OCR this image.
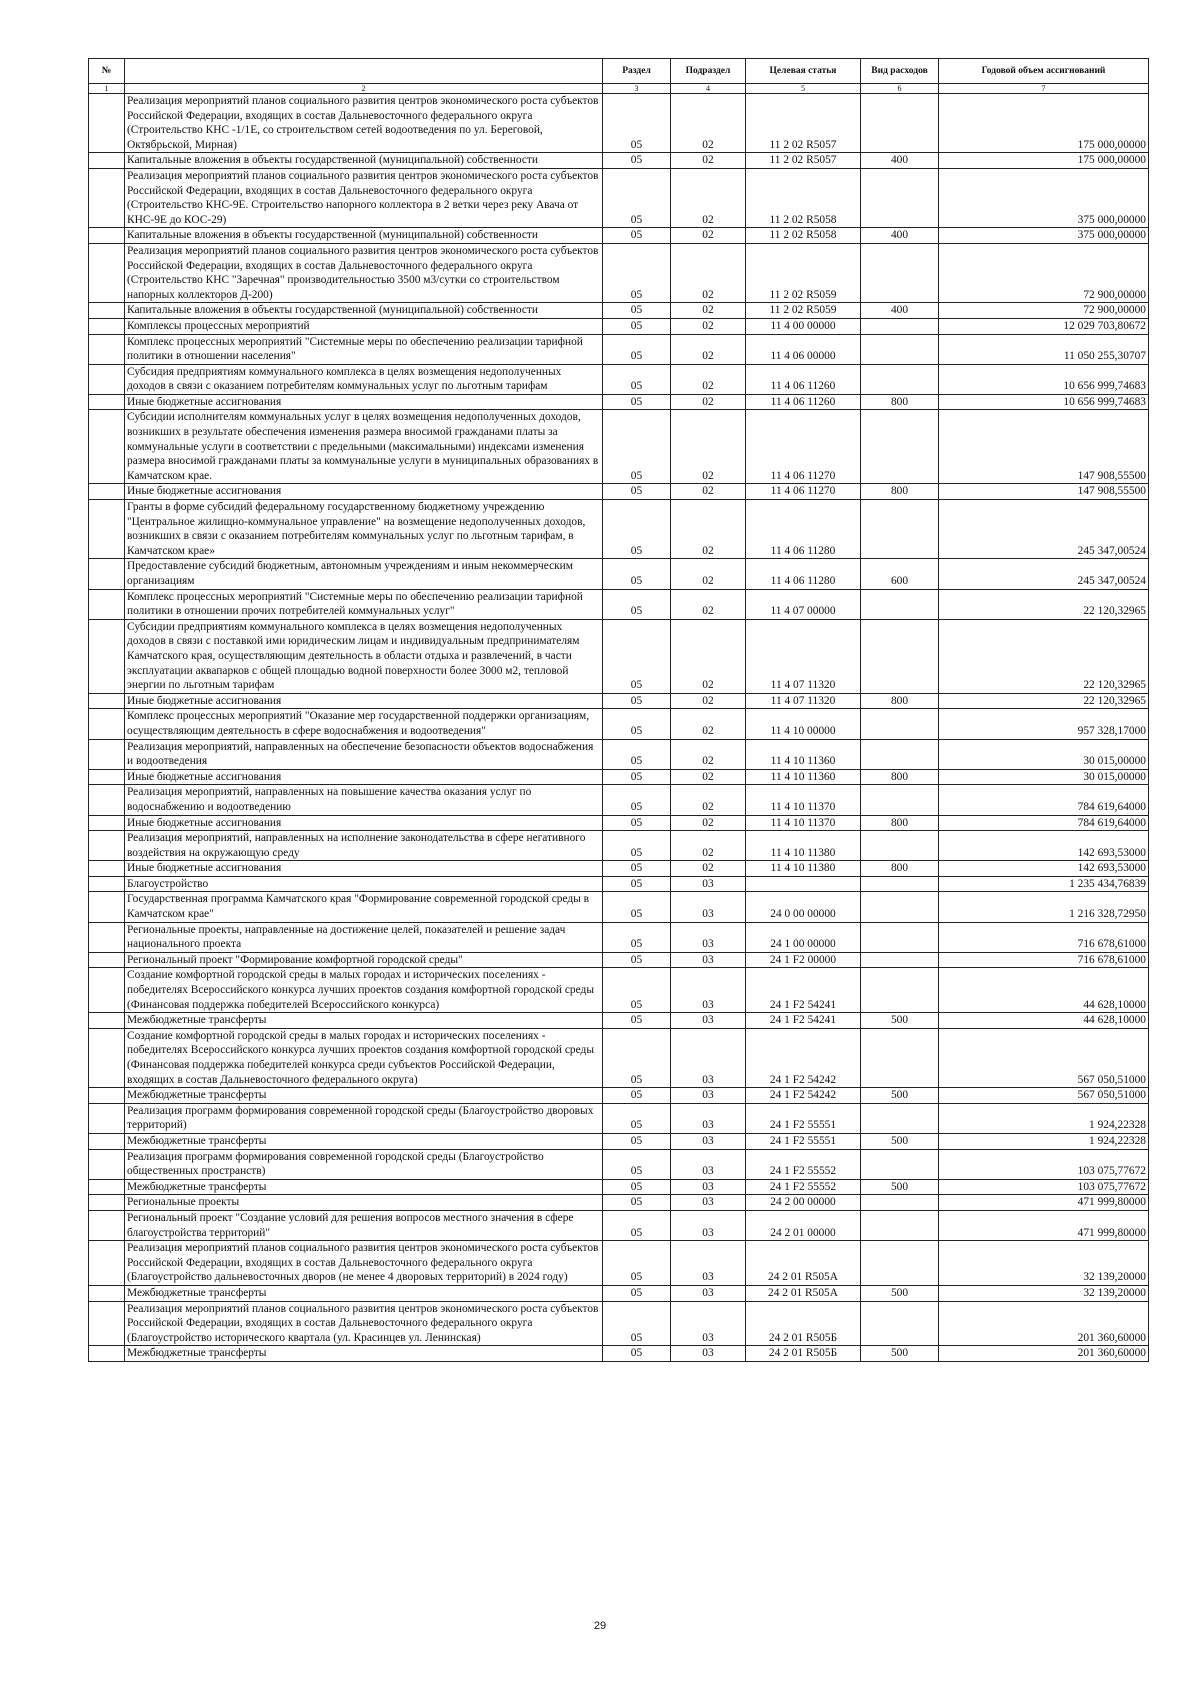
№		Раздел	Подраздел	Целевая статья	Вид расходов	Годовой объем ассигнований
1	2	3	4	5	6	7
	Реализация мероприятий планов социального развития центров экономического роста субъектов Российской Федерации, входящих в состав Дальневосточного федерального округа (Строительство КНС -1/1Е, со строительством сетей водоотведения по ул. Береговой, Октябрьской, Мирная)	05	02	11 2 02 R5057		175 000,00000
	Капитальные вложения в объекты государственной (муниципальной) собственности	05	02	11 2 02 R5057	400	175 000,00000
	Реализация мероприятий планов социального развития центров экономического роста субъектов Российской Федерации, входящих в состав Дальневосточного федерального округа (Строительство КНС-9Е. Строительство напорного коллектора в 2 ветки через реку Авача от КНС-9Е до КОС-29)	05	02	11 2 02 R5058		375 000,00000
	Капитальные вложения в объекты государственной (муниципальной) собственности	05	02	11 2 02 R5058	400	375 000,00000
	Реализация мероприятий планов социального развития центров экономического роста субъектов Российской Федерации, входящих в состав Дальневосточного федерального округа (Строительство КНС "Заречная" производительностью 3500 м3/сутки со строительством напорных коллекторов Д-200)	05	02	11 2 02 R5059		72 900,00000
	Капитальные вложения в объекты государственной (муниципальной) собственности	05	02	11 2 02 R5059	400	72 900,00000
	Комплексы процессных мероприятий	05	02	11 4 00 00000		12 029 703,80672
	Комплекс процессных мероприятий "Системные меры по обеспечению реализации тарифной политики в отношении населения"	05	02	11 4 06 00000		11 050 255,30707
	Субсидия предприятиям коммунального комплекса в целях возмещения недополученных доходов в связи с оказанием потребителям коммунальных услуг по льготным тарифам	05	02	11 4 06 11260		10 656 999,74683
	Иные бюджетные ассигнования	05	02	11 4 06 11260	800	10 656 999,74683
	Субсидии исполнителям коммунальных услуг в целях возмещения недополученных доходов, возникших в результате обеспечения изменения размера вносимой гражданами платы за коммунальные услуги в соответствии с предельными (максимальными) индексами изменения размера вносимой гражданами платы за коммунальные услуги в муниципальных образованиях в Камчатском крае.	05	02	11 4 06 11270		147 908,55500
	Иные бюджетные ассигнования	05	02	11 4 06 11270	800	147 908,55500
	Гранты в форме субсидий федеральному государственному бюджетному учреждению "Центральное жилищно-коммунальное управление" на возмещение недополученных доходов, возникших в связи с оказанием потребителям коммунальных услуг по льготным тарифам, в Камчатском крае»	05	02	11 4 06 11280		245 347,00524
	Предоставление субсидий бюджетным, автономным учреждениям и иным некоммерческим организациям	05	02	11 4 06 11280	600	245 347,00524
	Комплекс процессных мероприятий "Системные меры по обеспечению реализации тарифной политики в отношении прочих потребителей коммунальных услуг"	05	02	11 4 07 00000		22 120,32965
	Субсидии предприятиям коммунального комплекса в целях возмещения недополученных доходов в связи с поставкой ими юридическим лицам и индивидуальным предпринимателям Камчатского края, осуществляющим деятельность в области отдыха и развлечений, в части эксплуатации аквапарков с общей площадью водной поверхности более 3000 м2, тепловой энергии по льготным тарифам	05	02	11 4 07 11320		22 120,32965
	Иные бюджетные ассигнования	05	02	11 4 07 11320	800	22 120,32965
	Комплекс процессных мероприятий "Оказание мер государственной поддержки организациям, осуществляющим деятельность в сфере водоснабжения и водоотведения"	05	02	11 4 10 00000		957 328,17000
	Реализация мероприятий, направленных на обеспечение безопасности объектов водоснабжения и водоотведения	05	02	11 4 10 11360		30 015,00000
	Иные бюджетные ассигнования	05	02	11 4 10 11360	800	30 015,00000
	Реализация мероприятий, направленных на повышение качества оказания услуг по водоснабжению и водоотведению	05	02	11 4 10 11370		784 619,64000
	Иные бюджетные ассигнования	05	02	11 4 10 11370	800	784 619,64000
	Реализация мероприятий, направленных на исполнение законодательства в сфере негативного воздействия на окружающую среду	05	02	11 4 10 11380		142 693,53000
	Иные бюджетные ассигнования	05	02	11 4 10 11380	800	142 693,53000
	Благоустройство	05	03			1 235 434,76839
	Государственная программа Камчатского края "Формирование современной городской среды в Камчатском крае"	05	03	24 0 00 00000		1 216 328,72950
	Региональные проекты, направленные на достижение целей, показателей и решение задач национального проекта	05	03	24 1 00 00000		716 678,61000
	Региональный проект "Формирование комфортной городской среды"	05	03	24 1 F2 00000		716 678,61000
	Создание комфортной городской среды в малых городах и исторических поселениях - победителях Всероссийского конкурса лучших проектов создания комфортной городской среды (Финансовая поддержка победителей Всероссийского конкурса)	05	03	24 1 F2 54241		44 628,10000
	Межбюджетные трансферты	05	03	24 1 F2 54241	500	44 628,10000
	Создание комфортной городской среды в малых городах и исторических поселениях - победителях Всероссийского конкурса лучших проектов создания комфортной городской среды (Финансовая поддержка победителей конкурса среди субъектов Российской Федерации, входящих в состав Дальневосточного федерального округа)	05	03	24 1 F2 54242		567 050,51000
	Межбюджетные трансферты	05	03	24 1 F2 54242	500	567 050,51000
	Реализация программ формирования современной городской среды (Благоустройство дворовых территорий)	05	03	24 1 F2 55551		1 924,22328
	Межбюджетные трансферты	05	03	24 1 F2 55551	500	1 924,22328
	Реализация программ формирования современной городской среды (Благоустройство общественных пространств)	05	03	24 1 F2 55552		103 075,77672
	Межбюджетные трансферты	05	03	24 1 F2 55552	500	103 075,77672
	Региональные проекты	05	03	24 2 00 00000		471 999,80000
	Региональный проект "Создание условий для решения вопросов местного значения в сфере благоустройства территорий"	05	03	24 2 01 00000		471 999,80000
	Реализация мероприятий планов социального развития центров экономического роста субъектов Российской Федерации, входящих в состав Дальневосточного федерального округа (Благоустройство дальневосточных дворов (не менее 4 дворовых территорий) в 2024 году)	05	03	24 2 01 R505А		32 139,20000
	Межбюджетные трансферты	05	03	24 2 01 R505А	500	32 139,20000
	Реализация мероприятий планов социального развития центров экономического роста субъектов Российской Федерации, входящих в состав Дальневосточного федерального округа (Благоустройство исторического квартала (ул. Красинцев ул. Ленинская)	05	03	24 2 01 R505Б		201 360,60000
	Межбюджетные трансферты	05	03	24 2 01 R505Б	500	201 360,60000
29
